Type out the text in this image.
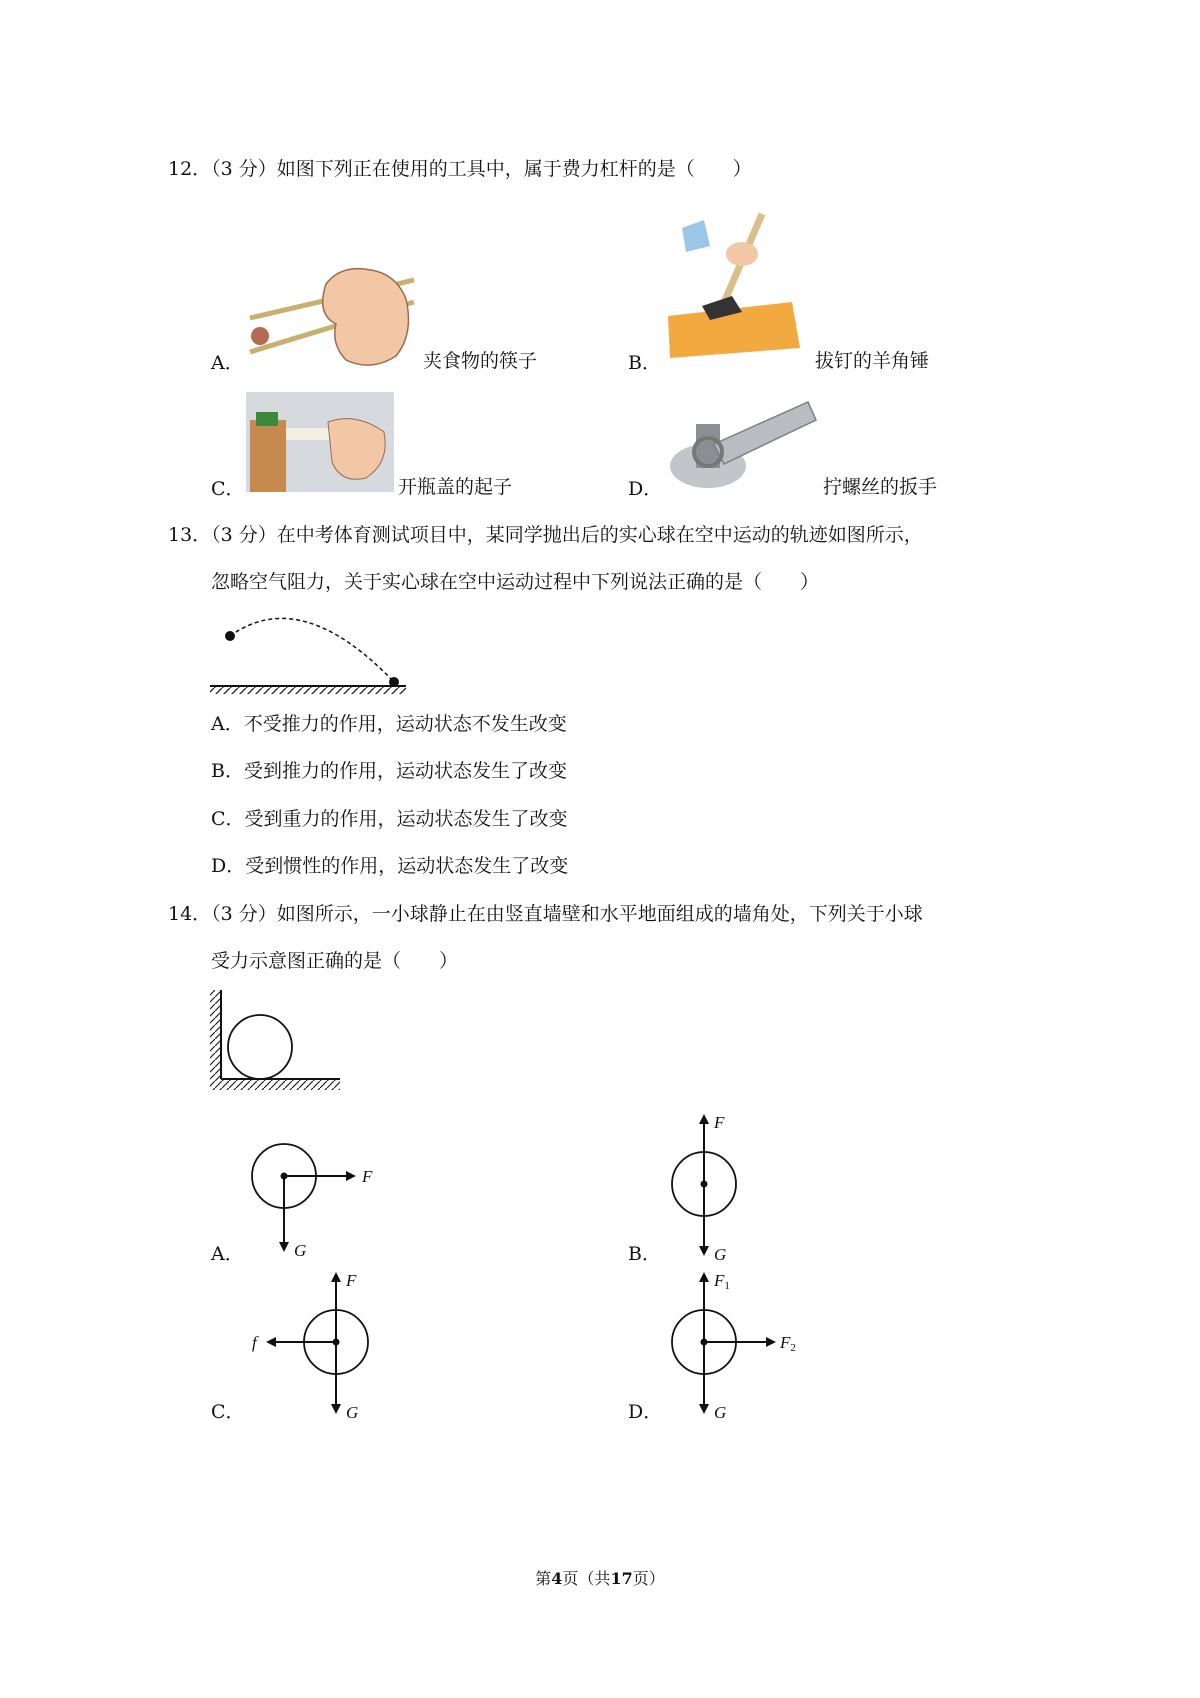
12．（3 分）如图下列正在使用的工具中，属于费力杠杆的是（　　）
A．	夹食物的筷子	B．	拔钉的羊角锤
C．	开瓶盖的起子	D．	拧螺丝的扳手
13．（3 分）在中考体育测试项目中，某同学抛出后的实心球在空中运动的轨迹如图所示，
忽略空气阻力，关于实心球在空中运动过程中下列说法正确的是（　　）
A．不受推力的作用，运动状态不发生改变
B．受到推力的作用，运动状态发生了改变
C．受到重力的作用，运动状态发生了改变
D．受到惯性的作用，运动状态发生了改变
14．（3 分）如图所示，一小球静止在由竖直墙壁和水平地面组成的墙角处，下列关于小球
受力示意图正确的是（　　）
A．
F
G	B．
F
G
C．
F
G
f
D．
F1
F2
G
第4页（共17页）
